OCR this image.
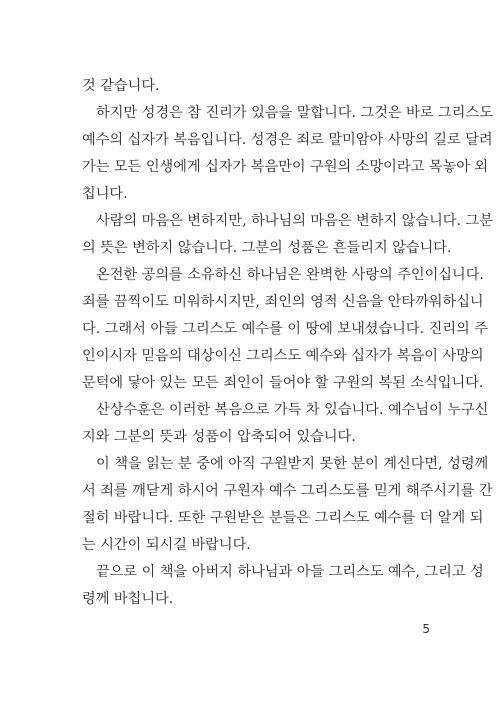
것 같습니다.
하지만 성경은 참 진리가 있음을 말합니다. 그것은 바로 그리스도
예수의 십자가 복음입니다. 성경은 죄로 말미암아 사망의 길로 달려
가는 모든 인생에게 십자가 복음만이 구원의 소망이라고 목놓아 외
칩니다.
사람의 마음은 변하지만, 하나님의 마음은 변하지 않습니다. 그분
의 뜻은 변하지 않습니다. 그분의 성품은 흔들리지 않습니다.
온전한 공의를 소유하신 하나님은 완벽한 사랑의 주인이십니다.
죄를 끔찍이도 미워하시지만, 죄인의 영적 신음을 안타까워하십니
다. 그래서 아들 그리스도 예수를 이 땅에 보내셨습니다. 진리의 주
인이시자 믿음의 대상이신 그리스도 예수와 십자가 복음이 사망의
문턱에 닿아 있는 모든 죄인이 들어야 할 구원의 복된 소식입니다.
산상수훈은 이러한 복음으로 가득 차 있습니다. 예수님이 누구신
지와 그분의 뜻과 성품이 압축되어 있습니다.
이 책을 읽는 분 중에 아직 구원받지 못한 분이 계신다면, 성령께
서 죄를 깨닫게 하시어 구원자 예수 그리스도를 믿게 해주시기를 간
절히 바랍니다. 또한 구원받은 분들은 그리스도 예수를 더 알게 되
는 시간이 되시길 바랍니다.
끝으로 이 책을 아버지 하나님과 아들 그리스도 예수, 그리고 성
령께 바칩니다.
5
